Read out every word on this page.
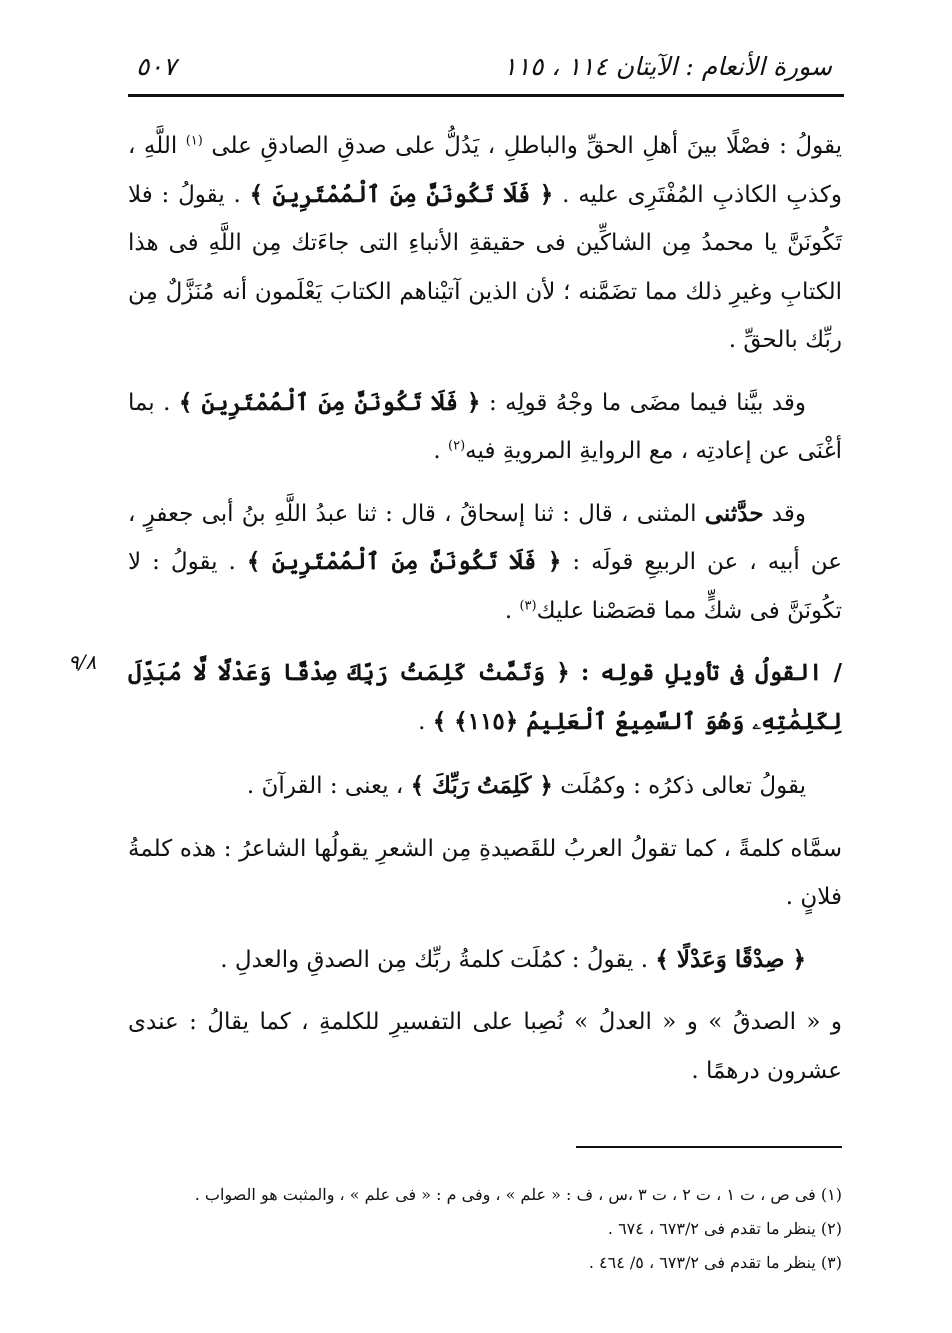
سورة الأنعام : الآيتان ١١٤ ، ١١٥
٥٠٧
٩/٨

يقولُ : فصْلًا بينَ أهلِ الحقِّ والباطلِ ، يَدُلُّ على صدقِ الصادقِ على $^{(١)}$ اللَّهِ ، وكذبِ الكاذبِ المُفْتَرِى عليه . ﴿ فَلَا تَكُونَنَّ مِنَ ٱلْمُمْتَرِينَ ﴾ . يقولُ : فلا تَكُونَنَّ يا محمدُ مِن الشاكِّين فى حقيقةِ الأنباءِ التى جاءَتك مِن اللَّهِ فى هذا الكتابِ وغيرِ ذلك مما تضَمَّنه ؛ لأن الذين آتيْناهم الكتابَ يَعْلَمون أنه مُنَزَّلٌ مِن ربِّك بالحقِّ .

وقد بيَّنا فيما مضَى ما وجْهُ قولِه : ﴿ فَلَا تَكُونَنَّ مِنَ ٱلْمُمْتَرِينَ ﴾ . بما أغْنَى عن إعادتِه ، مع الروايةِ المرويةِ فيه$^{(٢)}$ .

وقد حدَّثنى المثنى ، قال : ثنا إسحاقُ ، قال : ثنا عبدُ اللَّهِ بنُ أبى جعفرٍ ، عن أبيه ، عن الربيعِ قولَه : ﴿ فَلَا تَكُونَنَّ مِنَ ٱلْمُمْتَرِينَ ﴾ . يقولُ : لا تكُونَنَّ فى شكٍّ مما قصَصْنا عليك$^{(٣)}$ .

/ القولُ فى تأويلِ قولِه : ﴿ وَتَمَّتْ كَلِمَتُ رَبِّكَ صِدْقًا وَعَدْلًا لَّا مُبَدِّلَ لِكَلِمَٰتِهِۦ وَهُوَ ٱلسَّمِيعُ ٱلْعَلِيمُ ﴿١١٥﴾ ﴾ .

يقولُ تعالى ذكرُه : وكمُلَت ﴿ كَلِمَتُ رَبِّكَ ﴾ ، يعنى : القرآنَ .

سمَّاه كلمةً ، كما تقولُ العربُ للقَصيدةِ مِن الشعرِ يقولُها الشاعرُ : هذه كلمةُ فلانٍ .

﴿ صِدْقًا وَعَدْلًا ﴾ . يقولُ : كمُلَت كلمةُ ربِّك مِن الصدقِ والعدلِ .

و « الصدقُ » و « العدلُ » نُصِبا على التفسيرِ للكلمةِ ، كما يقالُ : عندى عشرون درهمًا .

(١) فى ص ، ت ١ ، ت ٢ ، ت ٣ ،س ، ف : « علم » ، وفى م : « فى علم » ، والمثبت هو الصواب .
(٢) ينظر ما تقدم فى ٦٧٣/٢ ، ٦٧٤ .
(٣) ينظر ما تقدم فى ٦٧٣/٢ ، ٥/ ٤٦٤ .
